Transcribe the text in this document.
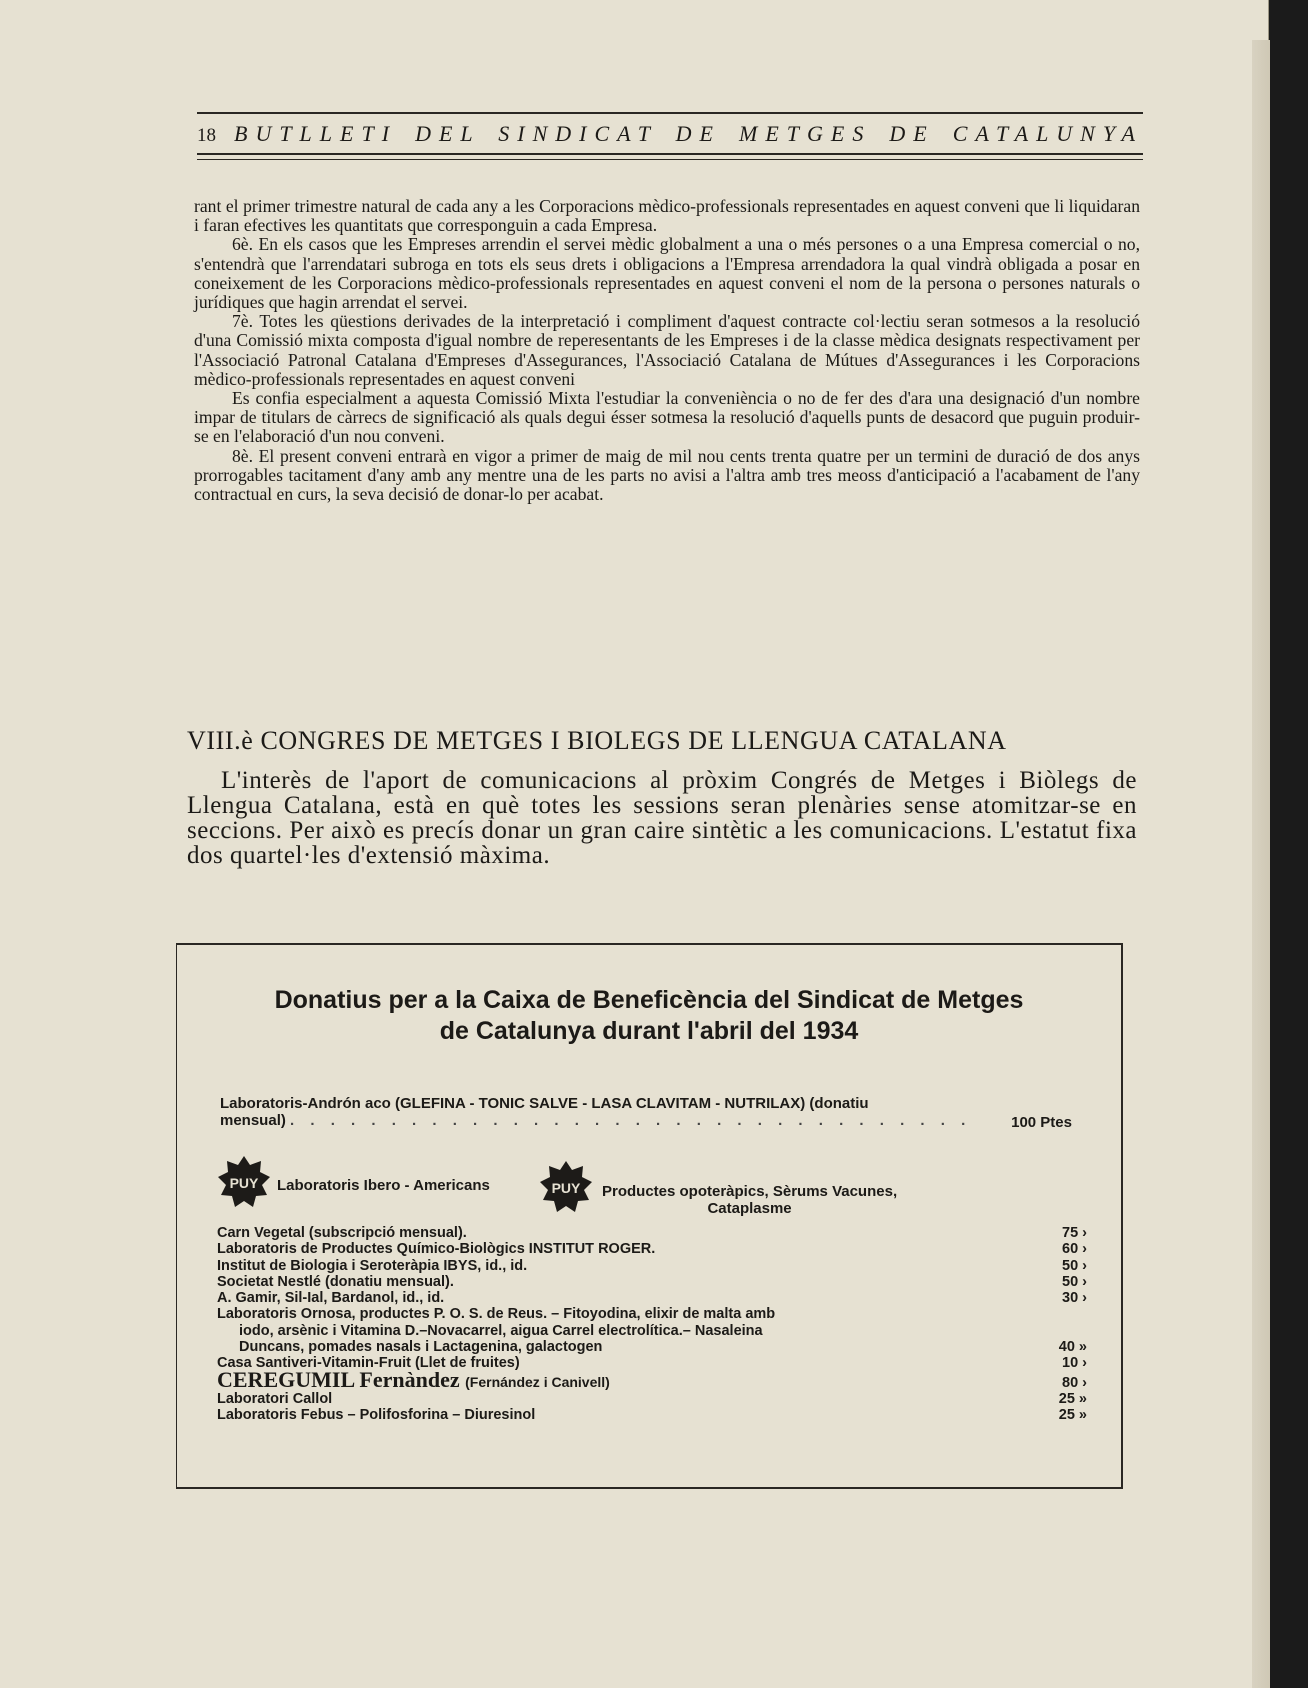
18 BUTLLETI DEL SINDICAT DE METGES DE CATALUNYA

rant el primer trimestre natural de cada any a les Corporacions mèdico-professionals representades en aquest conveni que li liquidaran i faran efectives les quantitats que corresponguin a cada Empresa.

6è. En els casos que les Empreses arrendin el servei mèdic globalment a una o més persones o a una Empresa comercial o no, s'entendrà que l'arrendatari subroga en tots els seus drets i obligacions a l'Empresa arrendadora la qual vindrà obligada a posar en coneixement de les Corporacions mèdico-professionals representades en aquest conveni el nom de la persona o persones naturals o jurídiques que hagin arrendat el servei.

7è. Totes les qüestions derivades de la interpretació i compliment d'aquest contracte col·lectiu seran sotmesos a la resolució d'una Comissió mixta composta d'igual nombre de reperesentants de les Empreses i de la classe mèdica designats respectivament per l'Associació Patronal Catalana d'Empreses d'Assegurances, l'Associació Catalana de Mútues d'Assegurances i les Corporacions mèdico-professionals representades en aquest conveni

Es confia especialment a aquesta Comissió Mixta l'estudiar la conveniència o no de fer des d'ara una designació d'un nombre impar de titulars de càrrecs de significació als quals degui ésser sotmesa la resolució d'aquells punts de desacord que puguin produir-se en l'elaboració d'un nou conveni.

8è. El present conveni entrarà en vigor a primer de maig de mil nou cents trenta quatre per un termini de duració de dos anys prorrogables tacitament d'any amb any mentre una de les parts no avisi a l'altra amb tres meoss d'anticipació a l'acabament de l'any contractual en curs, la seva decisió de donar-lo per acabat.

VIII.è CONGRES DE METGES I BIOLEGS DE LLENGUA CATALANA

L'interès de l'aport de comunicacions al pròxim Congrés de Metges i Biòlegs de Llengua Catalana, està en què totes les sessions seran plenàries sense atomitzar-se en seccions. Per això es precís donar un gran caire sintètic a les comunicacions. L'estatut fixa dos quartel·les d'extensió màxima.

Donatius per a la Caixa de Beneficència del Sindicat de Metges
de Catalunya durant l'abril del 1934
Laboratoris-Andrón aco (GLEFINA - TONIC SALVE - LASA CLAVITAM - NUTRILAX) (donatiu
mensual) . . . . . . . . . . . . . . . . . . . . . . . . . . . . . . . . . .	100 Ptes
PUY Laboratoris Ibero - Americans	PUY Productes opoteràpics, Sèrums Vacunes,
Cataplasme
Carn Vegetal (subscripció mensual).	75 ›
Laboratoris de Productes Químico-Biològics INSTITUT ROGER.	60 ›
Institut de Biologia i Seroteràpia IBYS, id., id.	50 ›
Societat Nestlé (donatiu mensual).	50 ›
A. Gamir, Sil-Ial, Bardanol, id., id.	30 ›
Laboratoris Ornosa, productes P. O. S. de Reus. – Fitoyodina, elixir de malta amb
iodo, arsènic i Vitamina D.–Novacarrel, aigua Carrel electrolítica.– Nasaleina
Duncans, pomades nasals i Lactagenina, galactogen	40 »
Casa Santiveri-Vitamin-Fruit (Llet de fruites)	10 ›
CEREGUMIL Fernàndez (Fernández i Canivell)	80 ›
Laboratori Callol	25 »
Laboratoris Febus – Polifosforina – Diuresinol	25 »
